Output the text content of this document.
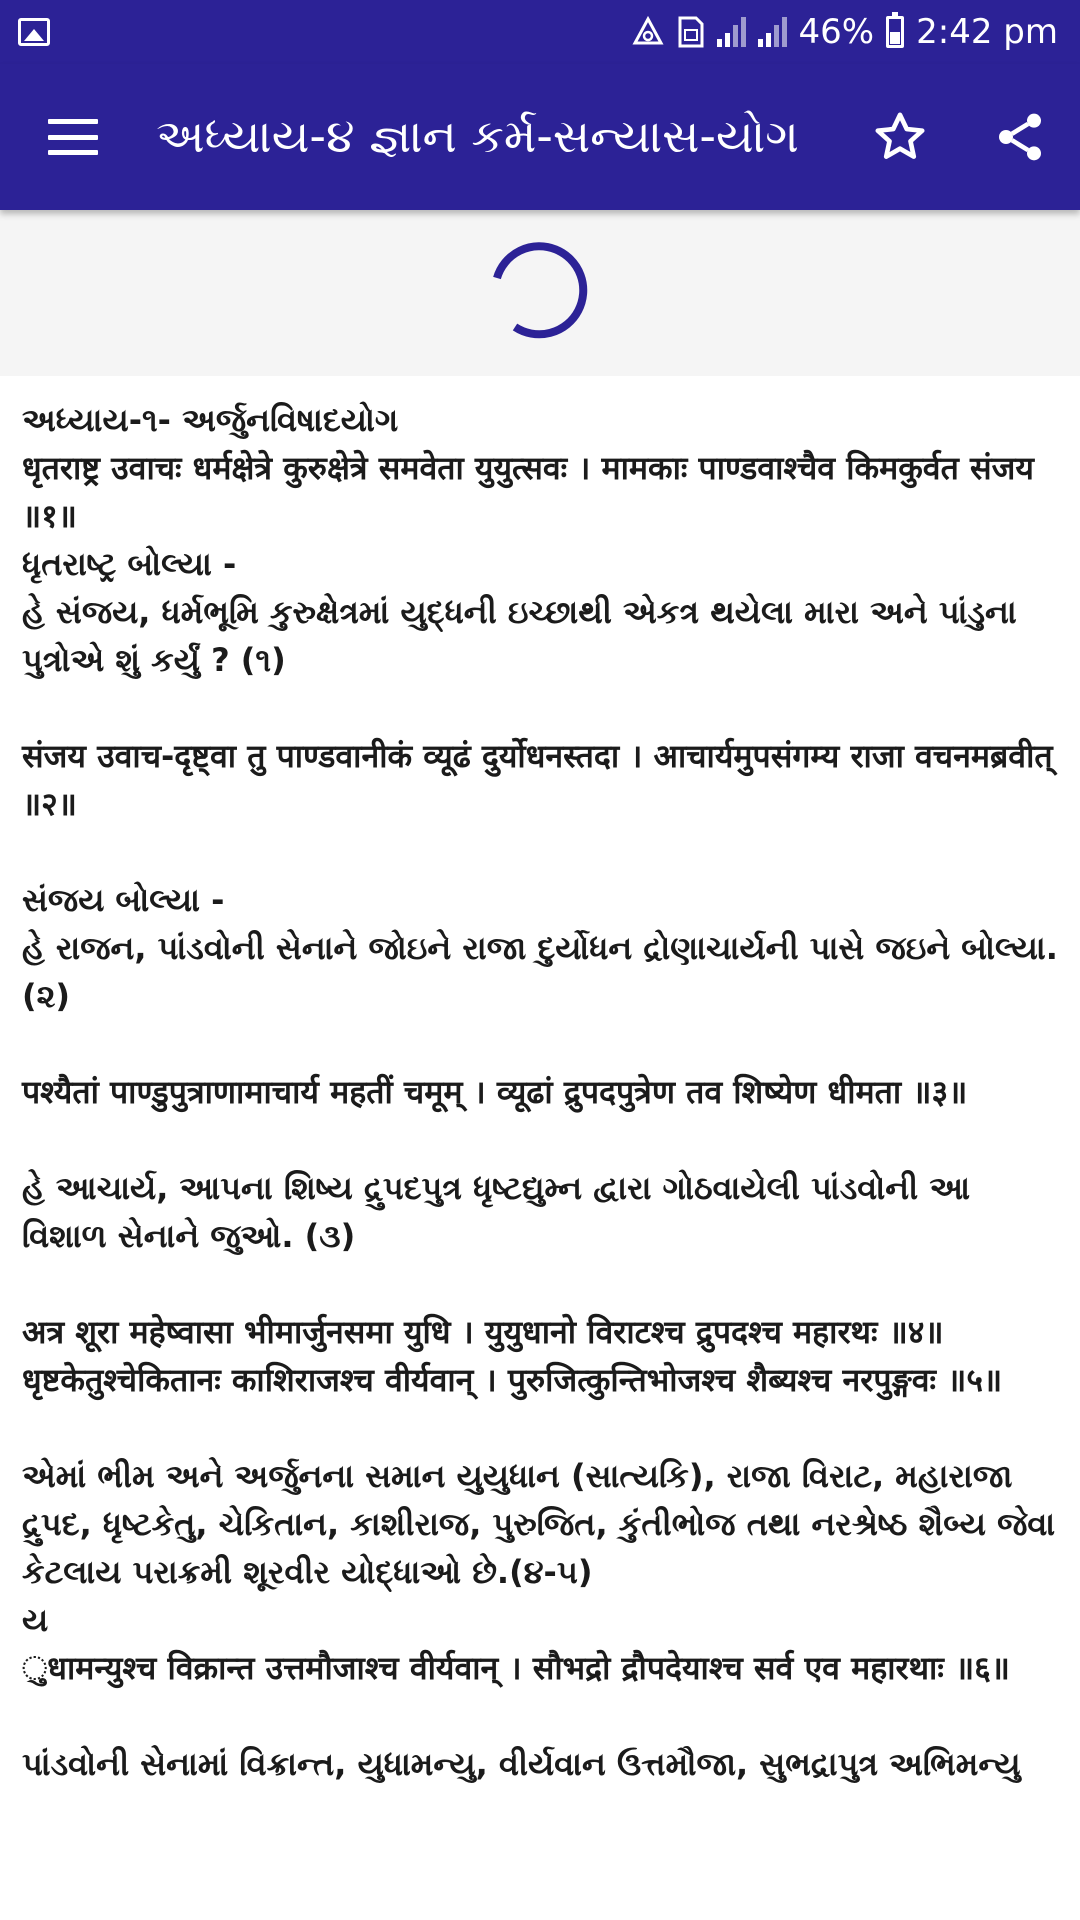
46% 2:42 pm
અધ્યાય-૪ જ્ઞાન કર્મ-સન્યાસ-યોગ
અધ્યાય-૧- અર્જુનવિષાદયોગ
धृतराष्ट्र उवाचः धर्मक्षेत्रे कुरुक्षेत्रे समवेता युयुत्सवः । मामकाः पाण्डवाश्चैव किमकुर्वत संजय ॥१॥
ધૃતરાષ્ટ્ર બોલ્યા -
હે સંજય, ધર્મભૂમિ કુરુક્ષેત્રમાં યુદ્ધની ઇચ્છાથી એકત્ર થયેલા મારા અને પાંડુના પુત્રોએ શું કર્યું ? (૧)
संजय उवाच-दृष्ट्वा तु पाण्डवानीकं व्यूढं दुर्योधनस्तदा । आचार्यमुपसंगम्य राजा वचनमब्रवीत् ॥२॥
સંજય બોલ્યા -
હે રાજન, પાંડવોની સેનાને જોઇને રાજા દુર્યોધન દ્રોણાચાર્યની પાસે જઇને બોલ્યા. (૨)
पश्यैतां पाण्डुपुत्राणामाचार्य महतीं चमूम् । व्यूढां द्रुपदपुत्रेण तव शिष्येण धीमता ॥३॥
હે આચાર્ય, આપના શિષ્ય દ્રુપદપુત્ર ધૃષ્ટદ્યુમ્ન દ્વારા ગોઠવાયેલી પાંડવોની આ વિશાળ સેનાને જુઓ. (૩)
अत्र शूरा महेष्वासा भीमार्जुनसमा युधि । युयुधानो विराटश्च द्रुपदश्च महारथः ॥४॥
धृष्टकेतुश्चेकितानः काशिराजश्च वीर्यवान् । पुरुजित्कुन्तिभोजश्च शैब्यश्च नरपुङ्गवः ॥५॥
એમાં ભીમ અને અર્જુનના સમાન યુયુધાન (સાત્યકિ), રાજા વિરાટ, મહારાજા દ્રુપદ, ધૃષ્ટકેતુ, ચેકિતાન, કાશીરાજ, પુરુજિત, કુંતીભોજ તથા નરશ્રેષ્ઠ શૈબ્ય જેવા કેટલાય પરાક્રમી શૂરવીર યોદ્ધાઓ છે.(૪-૫)
ય
ુधामन्युश्च विक्रान्त उत्तमौजाश्च वीर्यवान् । सौभद्रो द्रौपदेयाश्च सर्व एव महारथाः ॥६॥
પાંડવોની સેનામાં વિક્રાન્ત, યુધામન્યુ, વીર્યવાન ઉત્તમૌજા, સુભદ્રાપુત્ર અભિમન્યુ
